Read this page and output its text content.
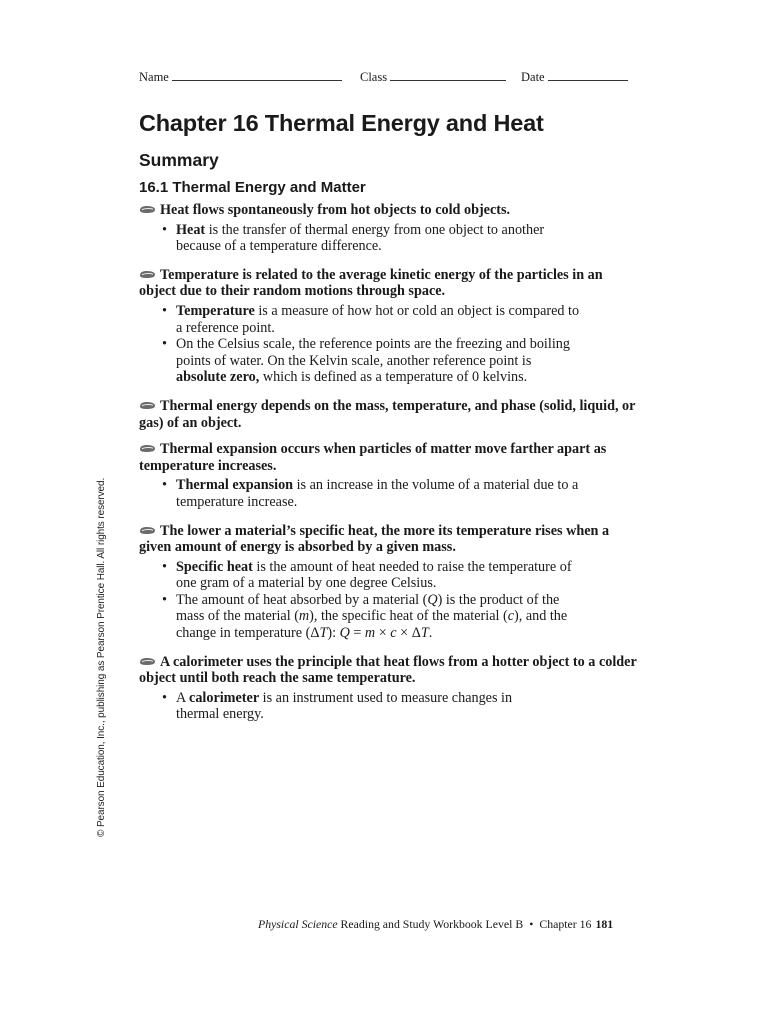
Name	Class	Date
Chapter 16 Thermal Energy and Heat
Summary
16.1 Thermal Energy and Matter

Heat flows spontaneously from hot objects to cold objects.

• Heat is the transfer of thermal energy from one object to another
because of a temperature difference.

Temperature is related to the average kinetic energy of the particles in an object due to their random motions through space.

• Temperature is a measure of how hot or cold an object is compared to
a reference point.
• On the Celsius scale, the reference points are the freezing and boiling
points of water. On the Kelvin scale, another reference point is
absolute zero, which is defined as a temperature of 0 kelvins.

Thermal energy depends on the mass, temperature, and phase (solid, liquid, or gas) of an object.

Thermal expansion occurs when particles of matter move farther apart as temperature increases.

• Thermal expansion is an increase in the volume of a material due to a
temperature increase.

The lower a material’s specific heat, the more its temperature rises when a given amount of energy is absorbed by a given mass.

• Specific heat is the amount of heat needed to raise the temperature of
one gram of a material by one degree Celsius.
• The amount of heat absorbed by a material (Q) is the product of the
mass of the material (m), the specific heat of the material (c), and the
change in temperature (ΔT): Q = m × c × ΔT.

A calorimeter uses the principle that heat flows from a hotter object to a colder object until both reach the same temperature.

• A calorimeter is an instrument used to measure changes in
thermal energy.
© Pearson Education, Inc., publishing as Pearson Prentice Hall. All rights reserved.
Physical Science Reading and Study Workbook Level B • Chapter 16 181
